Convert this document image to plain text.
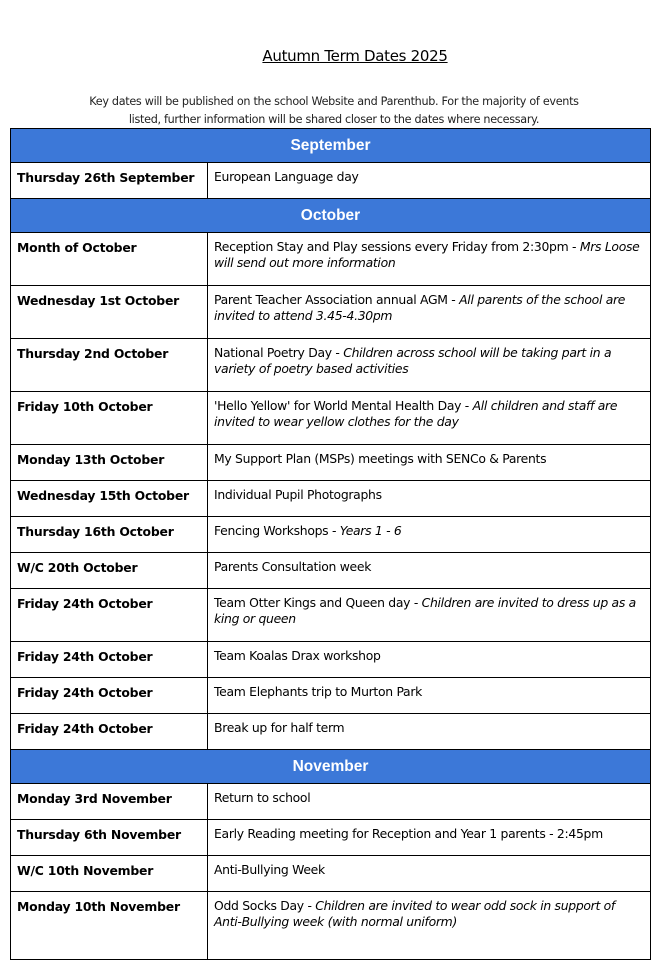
Autumn Term Dates 2025
Key dates will be published on the school Website and Parenthub. For the majority of events
listed, further information will be shared closer to the dates where necessary.
September	
Thursday 26th September	European Language day
October	
Month of October	Reception Stay and Play sessions every Friday from 2:30pm - Mrs Loose will send out more information
Wednesday 1st October	Parent Teacher Association annual AGM - All parents of the school are invited to attend 3.45-4.30pm
Thursday 2nd October	National Poetry Day - Children across school will be taking part in a variety of poetry based activities
Friday 10th October	'Hello Yellow' for World Mental Health Day - All children and staff are invited to wear yellow clothes for the day
Monday 13th October	My Support Plan (MSPs) meetings with SENCo & Parents
Wednesday 15th October	Individual Pupil Photographs
Thursday 16th October	Fencing Workshops - Years 1 - 6
W/C 20th October	Parents Consultation week
Friday 24th October	Team Otter Kings and Queen day - Children are invited to dress up as a king or queen
Friday 24th October	Team Koalas Drax workshop
Friday 24th October	Team Elephants trip to Murton Park
Friday 24th October	Break up for half term
November	
Monday 3rd November	Return to school
Thursday 6th November	Early Reading meeting for Reception and Year 1 parents - 2:45pm
W/C 10th November	Anti-Bullying Week
Monday 10th November	Odd Socks Day - Children are invited to wear odd sock in support of Anti-Bullying week (with normal uniform)
